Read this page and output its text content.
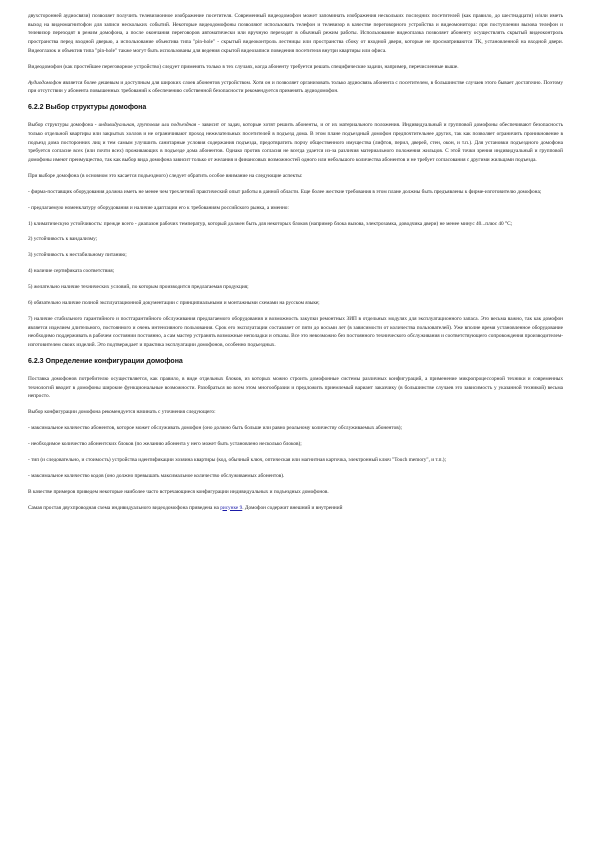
двухсторонней аудиосвязи) позволяет получить телевизионное изображение посетителя. Современный видеодомофон может запоминать изображения нескольких последних посетителей (как правило, до шестнадцати) и/или иметь выход на видеомагнитофон для записи нескольких событий. Некоторые видеодомофоны позволяют использовать телефон и телевизор в качестве переговорного устройства и видеомонитора: при поступлении вызова телефон и телевизор переходят в режим домофона, а после окончания переговоров автоматически или вручную переходят в обычный режим работы. Использование видеоглазка позволяет абоненту осуществлять скрытый видеоконтроль пространства перед входной дверью, а использование объектива типа "pin-hole" - скрытый видеоконтроль лестницы или пространства сбоку от входной двери, которые не просматриваются ТК, установленной на входной двери. Видеоглазок и объектив типа "pin-hole" также могут быть использованы для ведения скрытой видеозаписи поведения посетителя внутри квартиры или офиса.

Видеодомофон (как простейшее переговорное устройство) следует применять только в тех случаях, когда абоненту требуется решать специфические задачи, например, перечисленные выше.

Аудиодомофон является более дешевым и доступным для широких слоев абонентов устройством. Хотя он и позволяет организовать только аудиосвязь абонента с посетителем, в большинстве случаев этого бывает достаточно. Поэтому при отсутствии у абонента повышенных требований к обеспечению собственной безопасности рекомендуется применять аудиодомофон.

6.2.2 Выбор структуры домофона

Выбор структуры домофона - индивидуальная, групповая или подъездная - зависит от задач, которые хотят решить абоненты, и от их материального положения. Индивидуальный и групповой домофоны обеспечивают безопасность только отдельной квартиры или закрытых холлов и не ограничивают проход нежелательных посетителей в подъезд дома. В этом плане подъездный домофон предпочтительнее других, так как позволяет ограничить проникновение в подъезд дома посторонних лиц и тем самым улучшить санитарные условия содержания подъезда, предотвратить порчу общественного имущества (лифтов, перил, дверей, стен, окон, и т.п.). Для установки подъездного домофона требуется согласие всех (или почти всех) проживающих в подъезде дома абонентов. Однако против согласия не всегда удается из-за различия материального положения жильцов. С этой точки зрения индивидуальный и групповой домофоны имеют преимущество, так как выбор вида домофона зависит только от желания и финансовых возможностей одного или небольшого количества абонентов и не требует согласования с другими жильцами подъезда.

При выборе домофона (в основном это касается подъездного) следует обратить особое внимание на следующие аспекты:

- фирма-поставщик оборудования должна иметь не менее чем трехлетний практический опыт работы в данной области. Еще более жесткие требования в этом плане должны быть предъявлены к фирме-изготовителю домофона;

- предлагаемую номенклатуру оборудования и наличие адаптации его к требованиям российского рынка, а именно:

1) климатическую устойчивость: прежде всего - диапазон рабочих температур, который должен быть для некоторых блоков (например блока вызова, электрозамка, доводчика двери) не менее минус 40...плюс 40 °С;

2) устойчивость к вандализму;

3) устойчивость к нестабильному питанию;

4) наличие сертификата соответствия;

5) желательно наличие технических условий, по которым производится предлагаемая продукция;

6) обязательно наличие полной эксплуатационной документации с принципиальными и монтажными схемами на русском языке;

7) наличие стабильного гарантийного и постгарантийного обслуживания предлагаемого оборудования и возможность закупки ремонтных ЗИП в отдельных модулях для эксплуатационного запаса. Это весьма важно, так как домофон является изделием длительного, постоянного и очень интенсивного пользования. Срок его эксплуатации составляет от пяти до восьми лет (в зависимости от количества пользователей). Уже вполне время установленное оборудование необходимо поддерживать в рабочем состоянии постоянно, а сам мастер устранять возможные неполадки и отказы. Все это невозможно без постоянного технического обслуживания и соответствующего сопровождения производителем-изготовителем своих изделий. Это подтверждает и практика эксплуатации домофонов, особенно подъездных.

6.2.3 Определение конфигурации домофона

Поставка домофонов потребителю осуществляется, как правило, в виде отдельных блоков, из которых можно строить домофонные системы различных конфигураций, а применение микропроцессорной техники и современных технологий вводит в домофоны широкие функциональные возможности. Разобраться во всем этом многообразии и предложить приемлемый вариант заказчику (в большинстве случаев это зависимость у указанной техникой) весьма непросто.

Выбор конфигурации домофона рекомендуется начинать с уточнения следующего:

- максимальное количество абонентов, которое может обслуживать домофон (оно должно быть больше или равно реальному количеству обслуживаемых абонентов);

- необходимое количество абонентских блоков (по желанию абонента у него может быть установлено несколько блоков);

- тип (и следовательно, и стоимость) устройства идентификации хозяина квартиры (код, обычный ключ, оптическая или магнитная карточка, электронный ключ "Touch memory", и т.п.);

- максимальное количество кодов (оно должно превышать максимальное количество обслуживаемых абонентов).

В качестве примеров приведем некоторые наиболее часто встречающиеся конфигурации индивидуальных и подъездных домофонов.

Самая простая двухпроводная схема индивидуального видеодомофона приведена на рисунке 9. Домофон содержит внешний и внутренний
